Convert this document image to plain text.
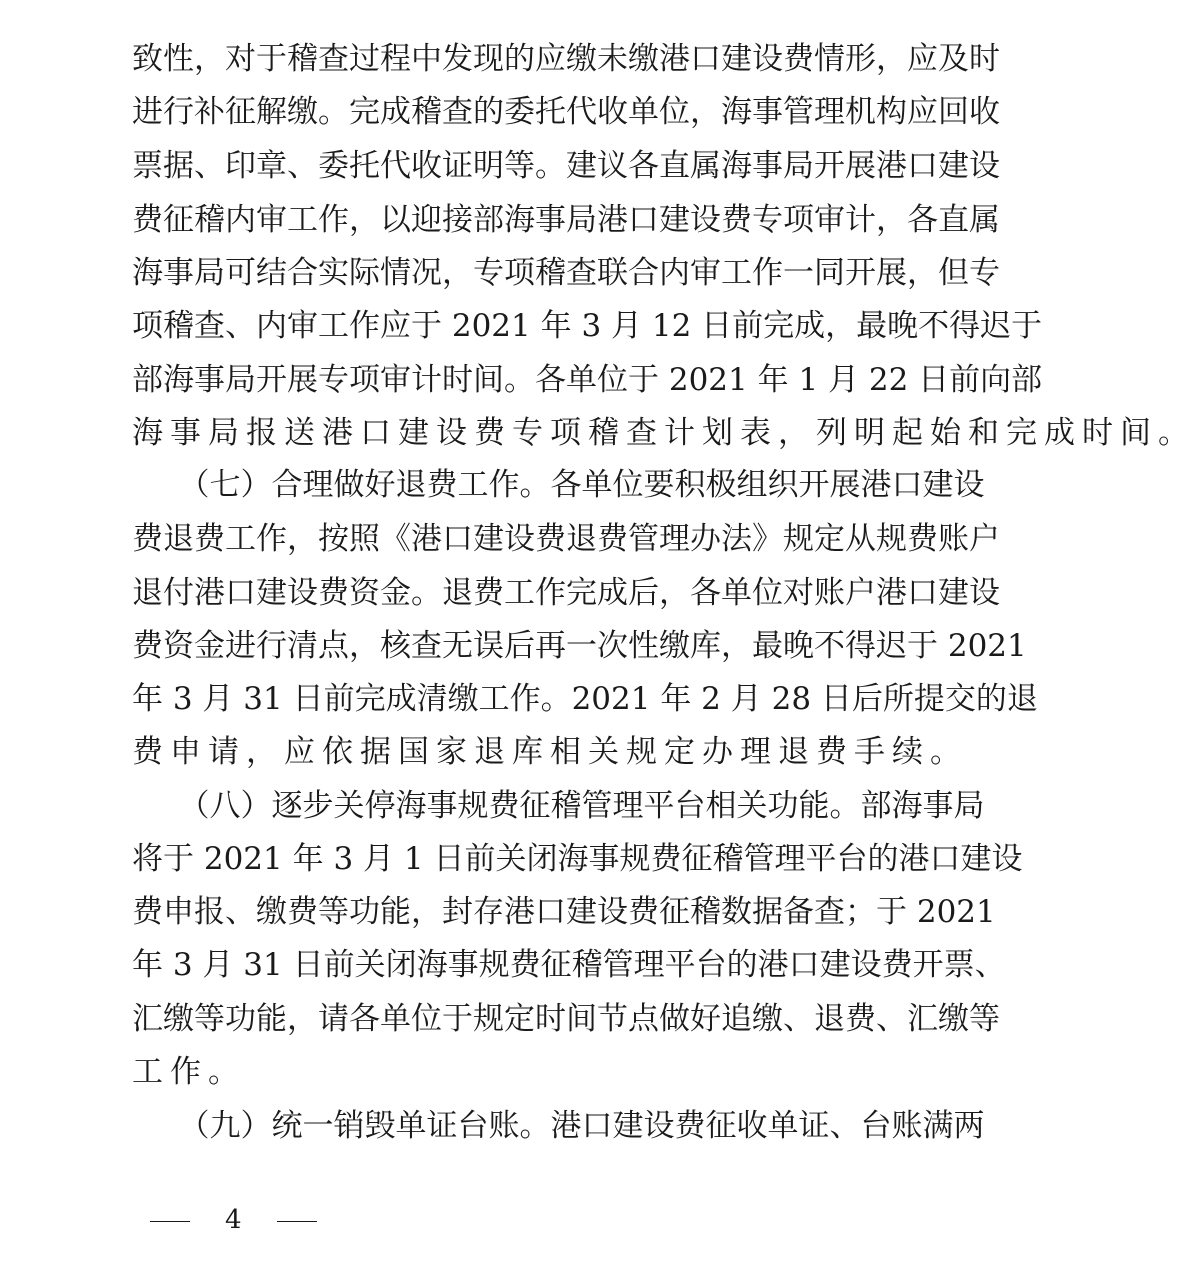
致性，对于稽查过程中发现的应缴未缴港口建设费情形，应及时
进行补征解缴。完成稽查的委托代收单位，海事管理机构应回收
票据、印章、委托代收证明等。建议各直属海事局开展港口建设
费征稽内审工作，以迎接部海事局港口建设费专项审计，各直属
海事局可结合实际情况，专项稽查联合内审工作一同开展，但专
项稽查、内审工作应于 2021 年 3 月 12 日前完成，最晚不得迟于
部海事局开展专项审计时间。各单位于 2021 年 1 月 22 日前向部
海事局报送港口建设费专项稽查计划表，列明起始和完成时间。
　　（七）合理做好退费工作。各单位要积极组织开展港口建设
费退费工作，按照《港口建设费退费管理办法》规定从规费账户
退付港口建设费资金。退费工作完成后，各单位对账户港口建设
费资金进行清点，核查无误后再一次性缴库，最晚不得迟于 2021
年 3 月 31 日前完成清缴工作。2021 年 2 月 28 日后所提交的退
费申请，应依据国家退库相关规定办理退费手续。
　　（八）逐步关停海事规费征稽管理平台相关功能。部海事局
将于 2021 年 3 月 1 日前关闭海事规费征稽管理平台的港口建设
费申报、缴费等功能，封存港口建设费征稽数据备查；于 2021
年 3 月 31 日前关闭海事规费征稽管理平台的港口建设费开票、
汇缴等功能，请各单位于规定时间节点做好追缴、退费、汇缴等
工作。
　　（九）统一销毁单证台账。港口建设费征收单证、台账满两
4
